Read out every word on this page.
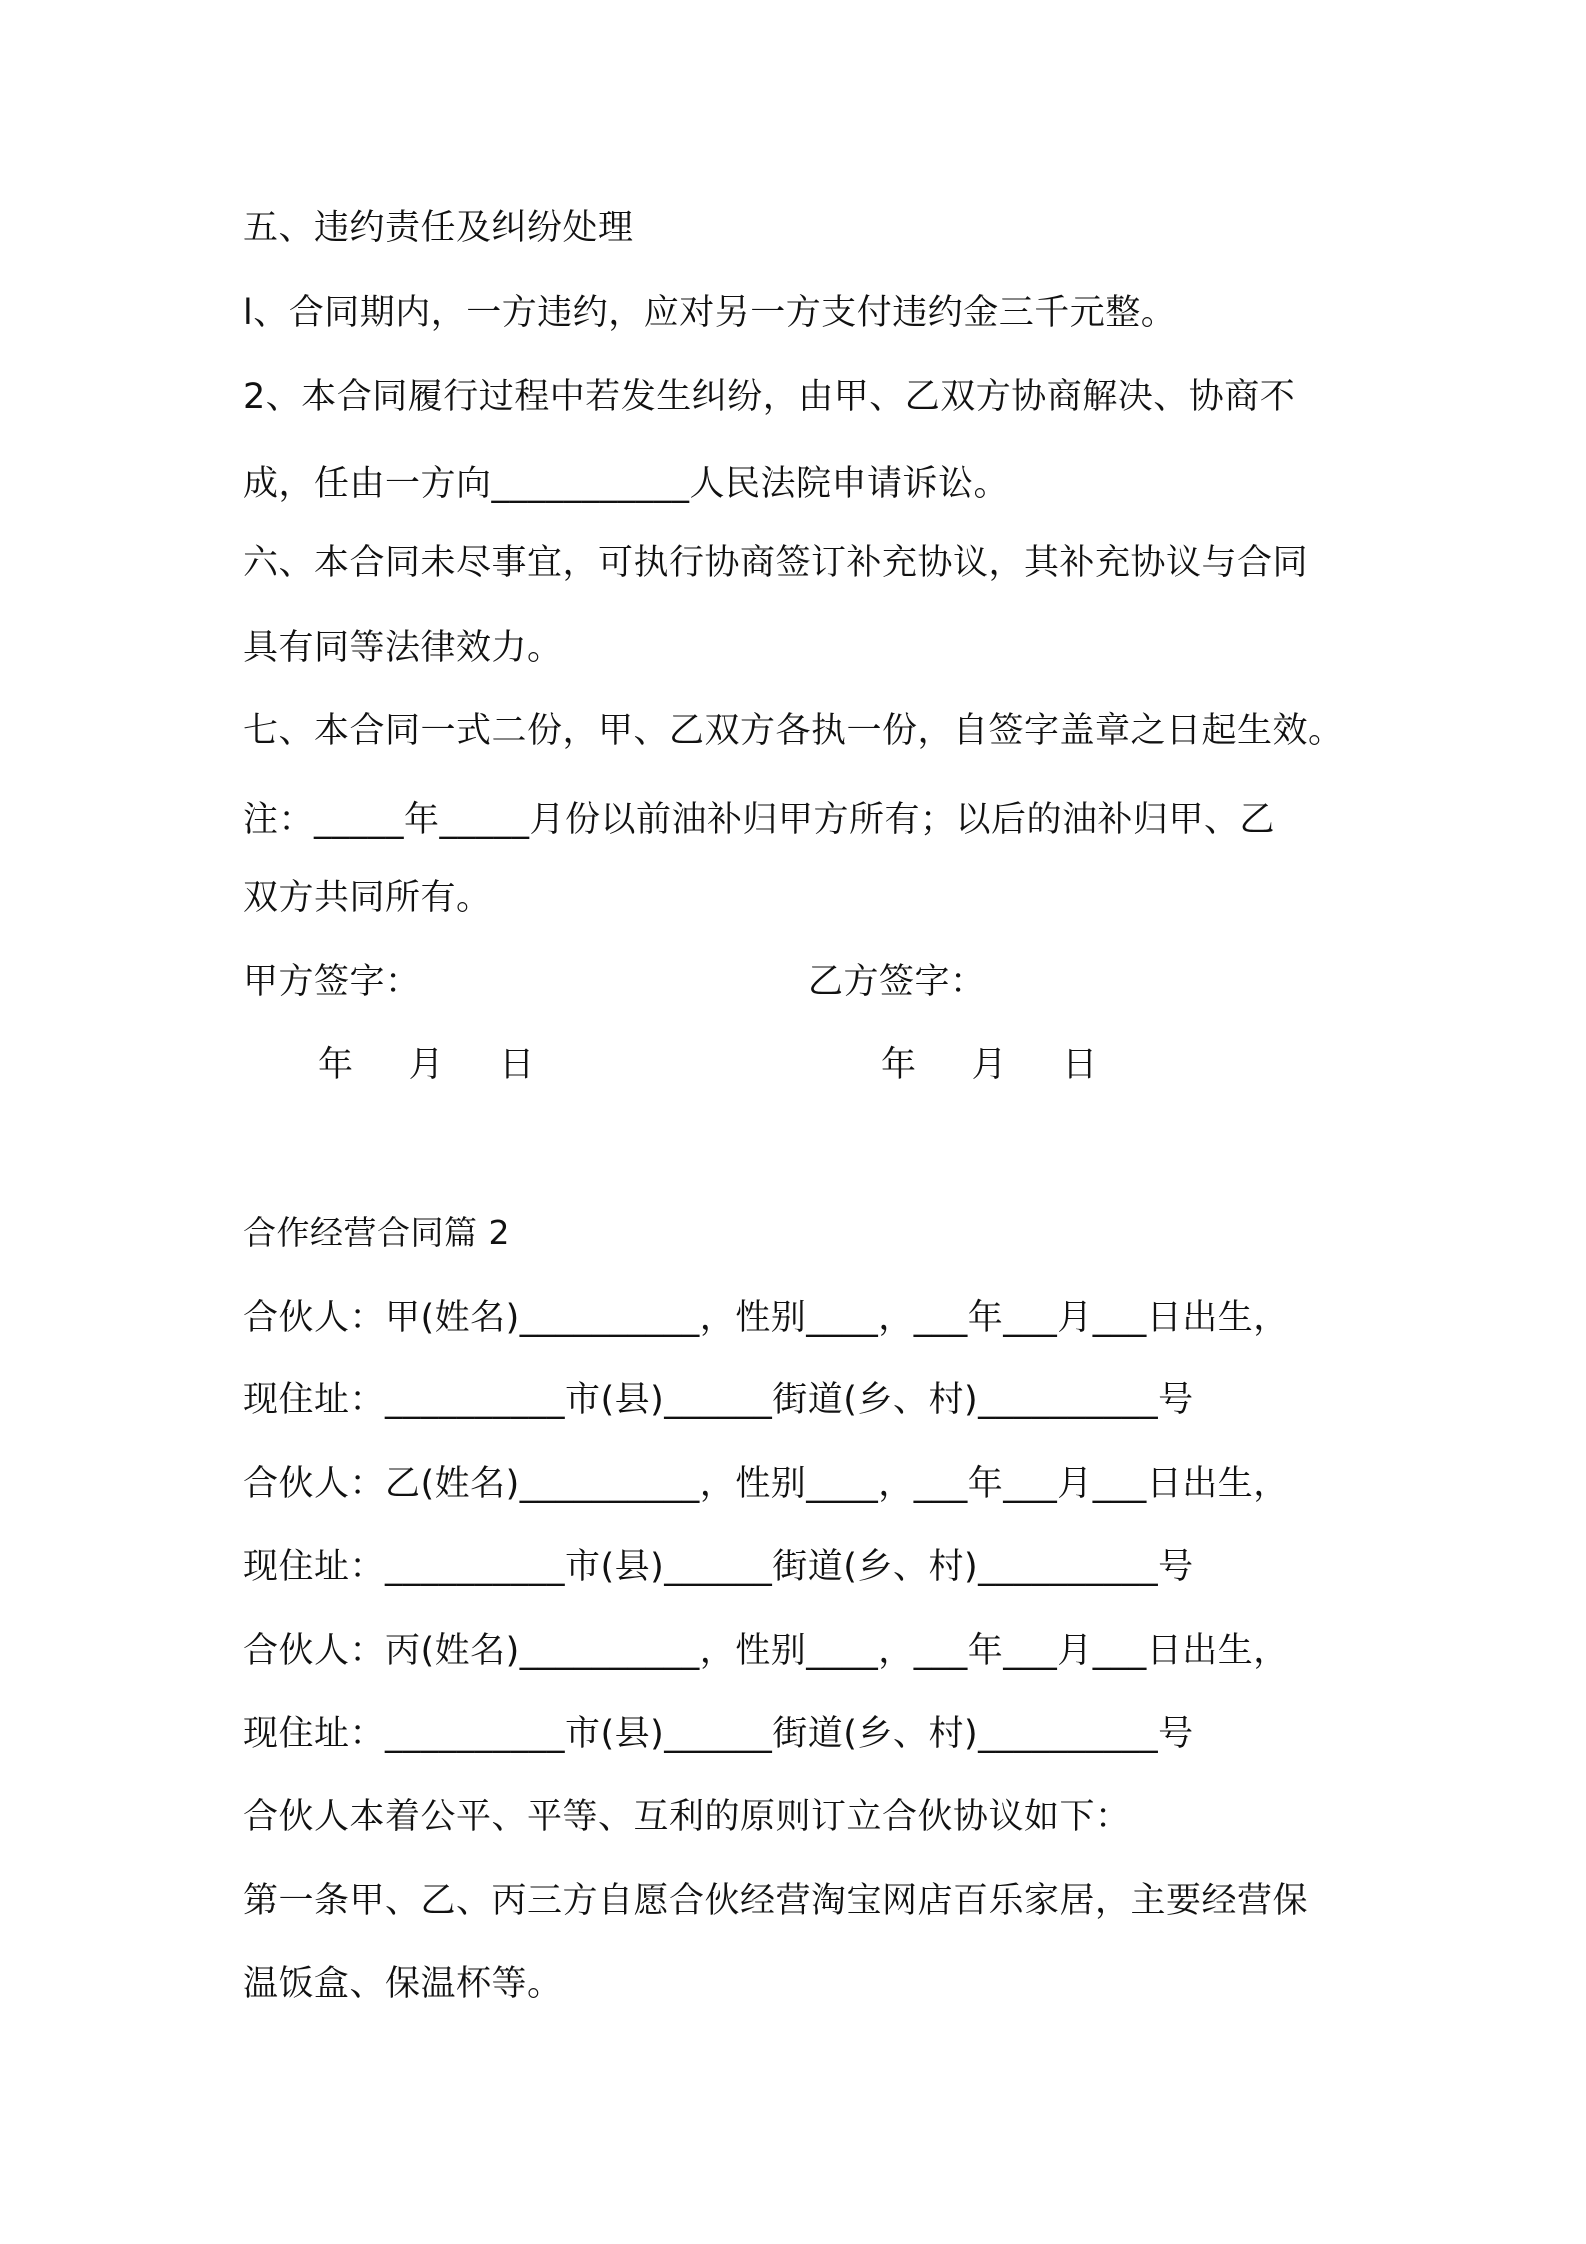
五、违约责任及纠纷处理
l、合同期内，一方违约，应对另一方支付违约金三千元整。
2、本合同履行过程中若发生纠纷，由甲、乙双方协商解决、协商不
成，任由一方向___________人民法院申请诉讼。
六、本合同未尽事宜，可执行协商签订补充协议，其补充协议与合同
具有同等法律效力。
七、本合同一式二份，甲、乙双方各执一份，自签字盖章之日起生效。
注：_____年_____月份以前油补归甲方所有；以后的油补归甲、乙
双方共同所有。
甲方签字：	乙方签字：
年     月     日	年     月     日
合作经营合同篇 2
合伙人：甲(姓名)__________，性别____，___年___月___日出生，
现住址：__________市(县)______街道(乡、村)__________号
合伙人：乙(姓名)__________，性别____，___年___月___日出生，
现住址：__________市(县)______街道(乡、村)__________号
合伙人：丙(姓名)__________，性别____，___年___月___日出生，
现住址：__________市(县)______街道(乡、村)__________号
合伙人本着公平、平等、互利的原则订立合伙协议如下：
第一条甲、乙、丙三方自愿合伙经营淘宝网店百乐家居，主要经营保
温饭盒、保温杯等。
